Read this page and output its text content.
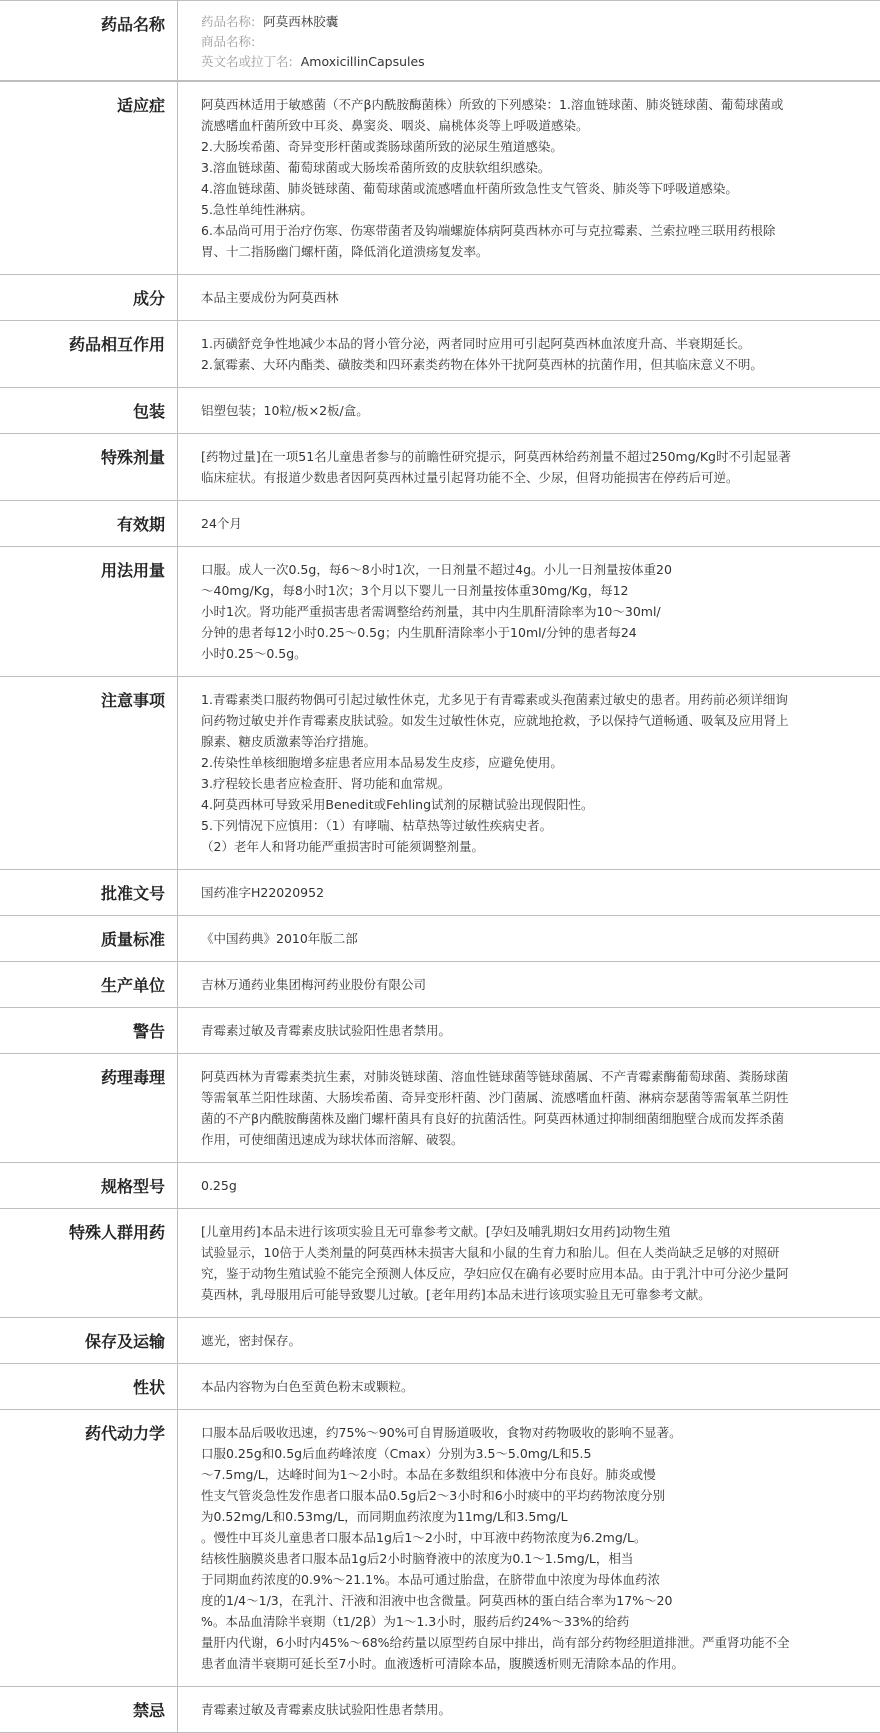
药品名称	药品名称: 阿莫西林胶囊

商品名称:

英文名或拉丁名: AmoxicillinCapsules

适应症	阿莫西林适用于敏感菌（不产β内酰胺酶菌株）所致的下列感染：1.溶血链球菌、肺炎链球菌、葡萄球菌或流感嗜血杆菌所致中耳炎、鼻窦炎、咽炎、扁桃体炎等上呼吸道感染。

2.大肠埃希菌、奇异变形杆菌或粪肠球菌所致的泌尿生殖道感染。

3.溶血链球菌、葡萄球菌或大肠埃希菌所致的皮肤软组织感染。

4.溶血链球菌、肺炎链球菌、葡萄球菌或流感嗜血杆菌所致急性支气管炎、肺炎等下呼吸道感染。

5.急性单纯性淋病。

6.本品尚可用于治疗伤寒、伤寒带菌者及钩端螺旋体病阿莫西林亦可与克拉霉素、兰索拉唑三联用药根除胃、十二指肠幽门螺杆菌，降低消化道溃疡复发率。

成分	本品主要成份为阿莫西林

药品相互作用	1.丙磺舒竞争性地减少本品的肾小管分泌，两者同时应用可引起阿莫西林血浓度升高、半衰期延长。

2.氯霉素、大环内酯类、磺胺类和四环素类药物在体外干扰阿莫西林的抗菌作用，但其临床意义不明。

包装	铝塑包装；10粒/板×2板/盒。

特殊剂量	[药物过量]在一项51名儿童患者参与的前瞻性研究提示，阿莫西林给药剂量不超过250mg/Kg时不引起显著临床症状。有报道少数患者因阿莫西林过量引起肾功能不全、少尿，但肾功能损害在停药后可逆。

有效期	24个月

用法用量	口服。成人一次0.5g，每6～8小时1次，一日剂量不超过4g。小儿一日剂量按体重20
～40mg/Kg，每8小时1次；3个月以下婴儿一日剂量按体重30mg/Kg，每12
小时1次。肾功能严重损害患者需调整给药剂量，其中内生肌酐清除率为10～30ml/
分钟的患者每12小时0.25～0.5g；内生肌酐清除率小于10ml/分钟的患者每24
小时0.25～0.5g。

注意事项	1.青霉素类口服药物偶可引起过敏性休克，尤多见于有青霉素或头孢菌素过敏史的患者。用药前必须详细询问药物过敏史并作青霉素皮肤试验。如发生过敏性休克，应就地抢救，予以保持气道畅通、吸氧及应用肾上腺素、糖皮质激素等治疗措施。

2.传染性单核细胞增多症患者应用本品易发生皮疹，应避免使用。

3.疗程较长患者应检查肝、肾功能和血常规。

4.阿莫西林可导致采用Benedit或Fehling试剂的尿糖试验出现假阳性。

5.下列情况下应慎用：（1）有哮喘、枯草热等过敏性疾病史者。

（2）老年人和肾功能严重损害时可能须调整剂量。

批准文号	国药准字H22020952

质量标准	《中国药典》2010年版二部

生产单位	吉林万通药业集团梅河药业股份有限公司

警告	青霉素过敏及青霉素皮肤试验阳性患者禁用。

药理毒理	阿莫西林为青霉素类抗生素，对肺炎链球菌、溶血性链球菌等链球菌属、不产青霉素酶葡萄球菌、粪肠球菌等需氧革兰阳性球菌、大肠埃希菌、奇异变形杆菌、沙门菌属、流感嗜血杆菌、淋病奈瑟菌等需氧革兰阴性菌的不产β内酰胺酶菌株及幽门螺杆菌具有良好的抗菌活性。阿莫西林通过抑制细菌细胞壁合成而发挥杀菌作用，可使细菌迅速成为球状体而溶解、破裂。

规格型号	0.25g

特殊人群用药	[儿童用药]本品未进行该项实验且无可靠参考文献。[孕妇及哺乳期妇女用药]动物生殖
试验显示，10倍于人类剂量的阿莫西林未损害大鼠和小鼠的生育力和胎儿。但在人类尚缺乏足够的对照研究，鉴于动物生殖试验不能完全预测人体反应，孕妇应仅在确有必要时应用本品。由于乳汁中可分泌少量阿莫西林，乳母服用后可能导致婴儿过敏。[老年用药]本品未进行该项实验且无可靠参考文献。

保存及运输	遮光，密封保存。

性状	本品内容物为白色至黄色粉末或颗粒。

药代动力学	口服本品后吸收迅速，约75%～90%可自胃肠道吸收，食物对药物吸收的影响不显著。
口服0.25g和0.5g后血药峰浓度（Cmax）分别为3.5～5.0mg/L和5.5
～7.5mg/L，达峰时间为1～2小时。本品在多数组织和体液中分布良好。肺炎或慢
性支气管炎急性发作患者口服本品0.5g后2～3小时和6小时痰中的平均药物浓度分别
为0.52mg/L和0.53mg/L，而同期血药浓度为11mg/L和3.5mg/L
。慢性中耳炎儿童患者口服本品1g后1～2小时，中耳液中药物浓度为6.2mg/L。
结核性脑膜炎患者口服本品1g后2小时脑脊液中的浓度为0.1～1.5mg/L，相当
于同期血药浓度的0.9%～21.1%。本品可通过胎盘，在脐带血中浓度为母体血药浓
度的1/4～1/3，在乳汁、汗液和泪液中也含微量。阿莫西林的蛋白结合率为17%～20
%。本品血清除半衰期（t1/2β）为1～1.3小时，服药后约24%～33%的给药
量肝内代谢，6小时内45%～68%给药量以原型药自尿中排出，尚有部分药物经胆道排泄。严重肾功能不全患者血清半衰期可延长至7小时。血液透析可清除本品，腹膜透析则无清除本品的作用。

禁忌	青霉素过敏及青霉素皮肤试验阳性患者禁用。
